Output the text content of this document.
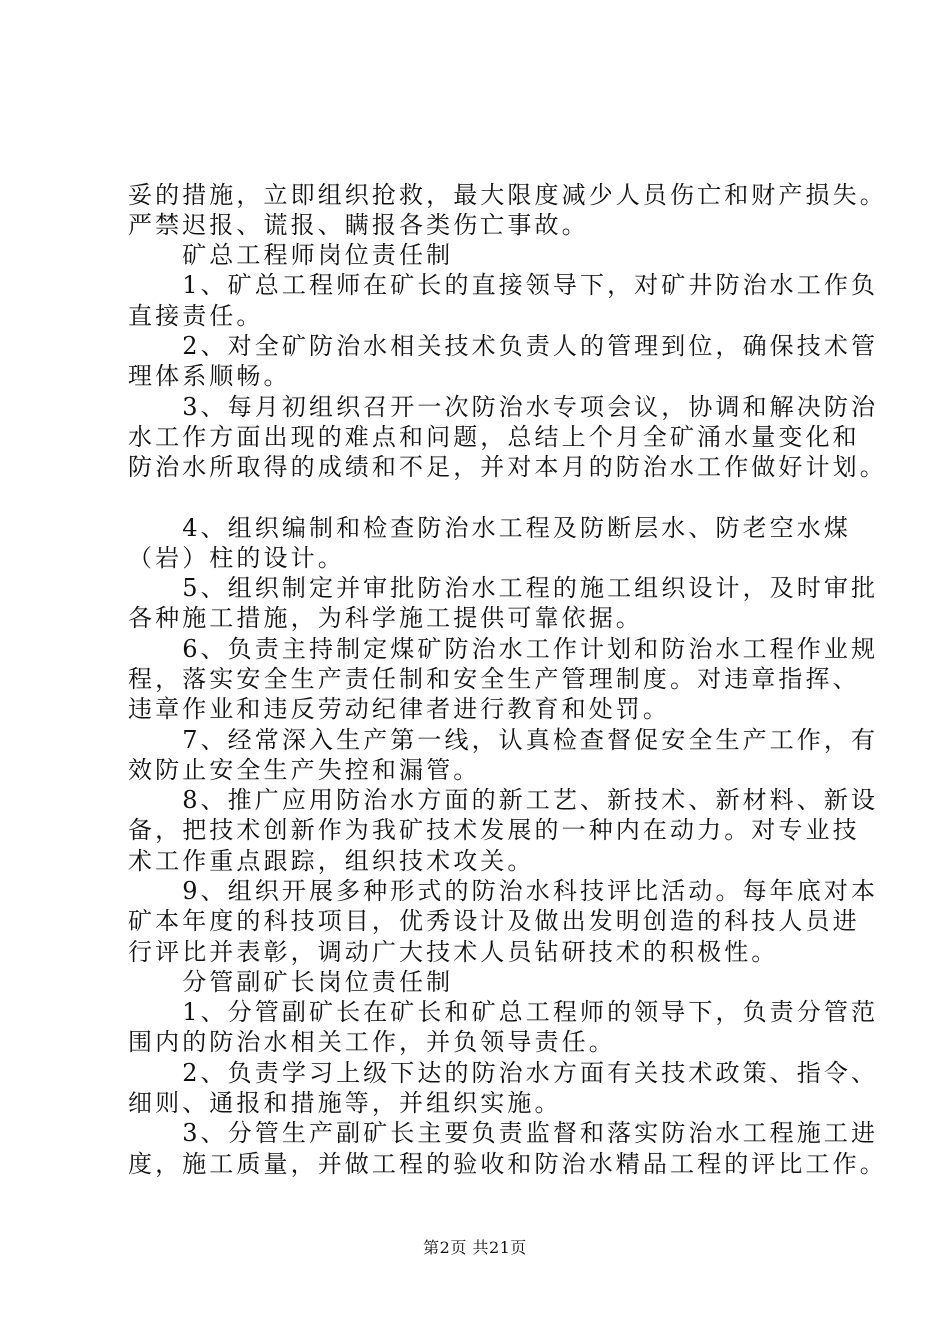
妥的措施，立即组织抢救，最大限度减少人员伤亡和财产损失。
严禁迟报、谎报、瞒报各类伤亡事故。
　　矿总工程师岗位责任制
　　1、矿总工程师在矿长的直接领导下，对矿井防治水工作负
直接责任。
　　2、对全矿防治水相关技术负责人的管理到位，确保技术管
理体系顺畅。
　　3、每月初组织召开一次防治水专项会议，协调和解决防治
水工作方面出现的难点和问题，总结上个月全矿涌水量变化和
防治水所取得的成绩和不足，并对本月的防治水工作做好计划。
　　4、组织编制和检查防治水工程及防断层水、防老空水煤
（岩）柱的设计。
　　5、组织制定并审批防治水工程的施工组织设计，及时审批
各种施工措施，为科学施工提供可靠依据。
　　6、负责主持制定煤矿防治水工作计划和防治水工程作业规
程，落实安全生产责任制和安全生产管理制度。对违章指挥、
违章作业和违反劳动纪律者进行教育和处罚。
　　7、经常深入生产第一线，认真检查督促安全生产工作，有
效防止安全生产失控和漏管。
　　8、推广应用防治水方面的新工艺、新技术、新材料、新设
备，把技术创新作为我矿技术发展的一种内在动力。对专业技
术工作重点跟踪，组织技术攻关。
　　9、组织开展多种形式的防治水科技评比活动。每年底对本
矿本年度的科技项目，优秀设计及做出发明创造的科技人员进
行评比并表彰，调动广大技术人员钻研技术的积极性。
　　分管副矿长岗位责任制
　　1、分管副矿长在矿长和矿总工程师的领导下，负责分管范
围内的防治水相关工作，并负领导责任。
　　2、负责学习上级下达的防治水方面有关技术政策、指令、
细则、通报和措施等，并组织实施。
　　3、分管生产副矿长主要负责监督和落实防治水工程施工进
度，施工质量，并做工程的验收和防治水精品工程的评比工作。
第2页 共21页
